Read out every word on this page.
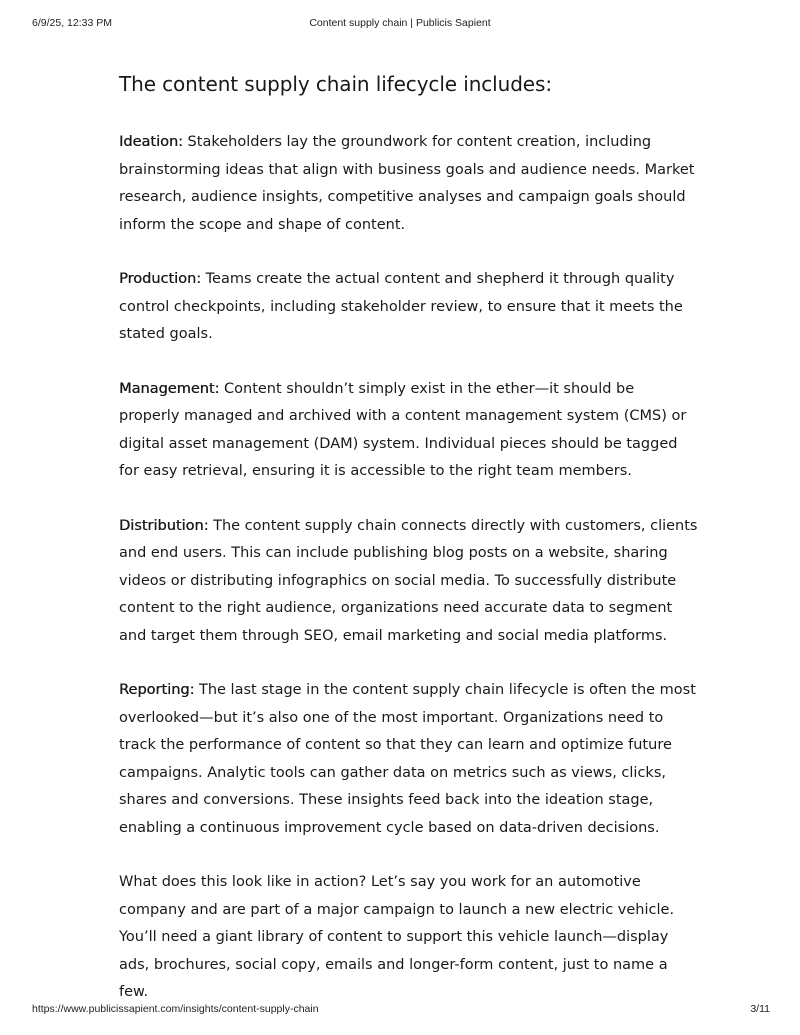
6/9/25, 12:33 PM	Content supply chain | Publicis Sapient
The content supply chain lifecycle includes:

Ideation: Stakeholders lay the groundwork for content creation, including brainstorming ideas that align with business goals and audience needs. Market research, audience insights, competitive analyses and campaign goals should inform the scope and shape of content.

Production: Teams create the actual content and shepherd it through quality control checkpoints, including stakeholder review, to ensure that it meets the stated goals.

Management: Content shouldn’t simply exist in the ether—it should be properly managed and archived with a content management system (CMS) or digital asset management (DAM) system. Individual pieces should be tagged for easy retrieval, ensuring it is accessible to the right team members.

Distribution: The content supply chain connects directly with customers, clients and end users. This can include publishing blog posts on a website, sharing videos or distributing infographics on social media. To successfully distribute content to the right audience, organizations need accurate data to segment and target them through SEO, email marketing and social media platforms.

Reporting: The last stage in the content supply chain lifecycle is often the most overlooked—but it’s also one of the most important. Organizations need to track the performance of content so that they can learn and optimize future campaigns. Analytic tools can gather data on metrics such as views, clicks, shares and conversions. These insights feed back into the ideation stage, enabling a continuous improvement cycle based on data-driven decisions.

What does this look like in action? Let’s say you work for an automotive company and are part of a major campaign to launch a new electric vehicle. You’ll need a giant library of content to support this vehicle launch—display ads, brochures, social copy, emails and longer-form content, just to name a few.

https://www.publicissapient.com/insights/content-supply-chain	3/11
